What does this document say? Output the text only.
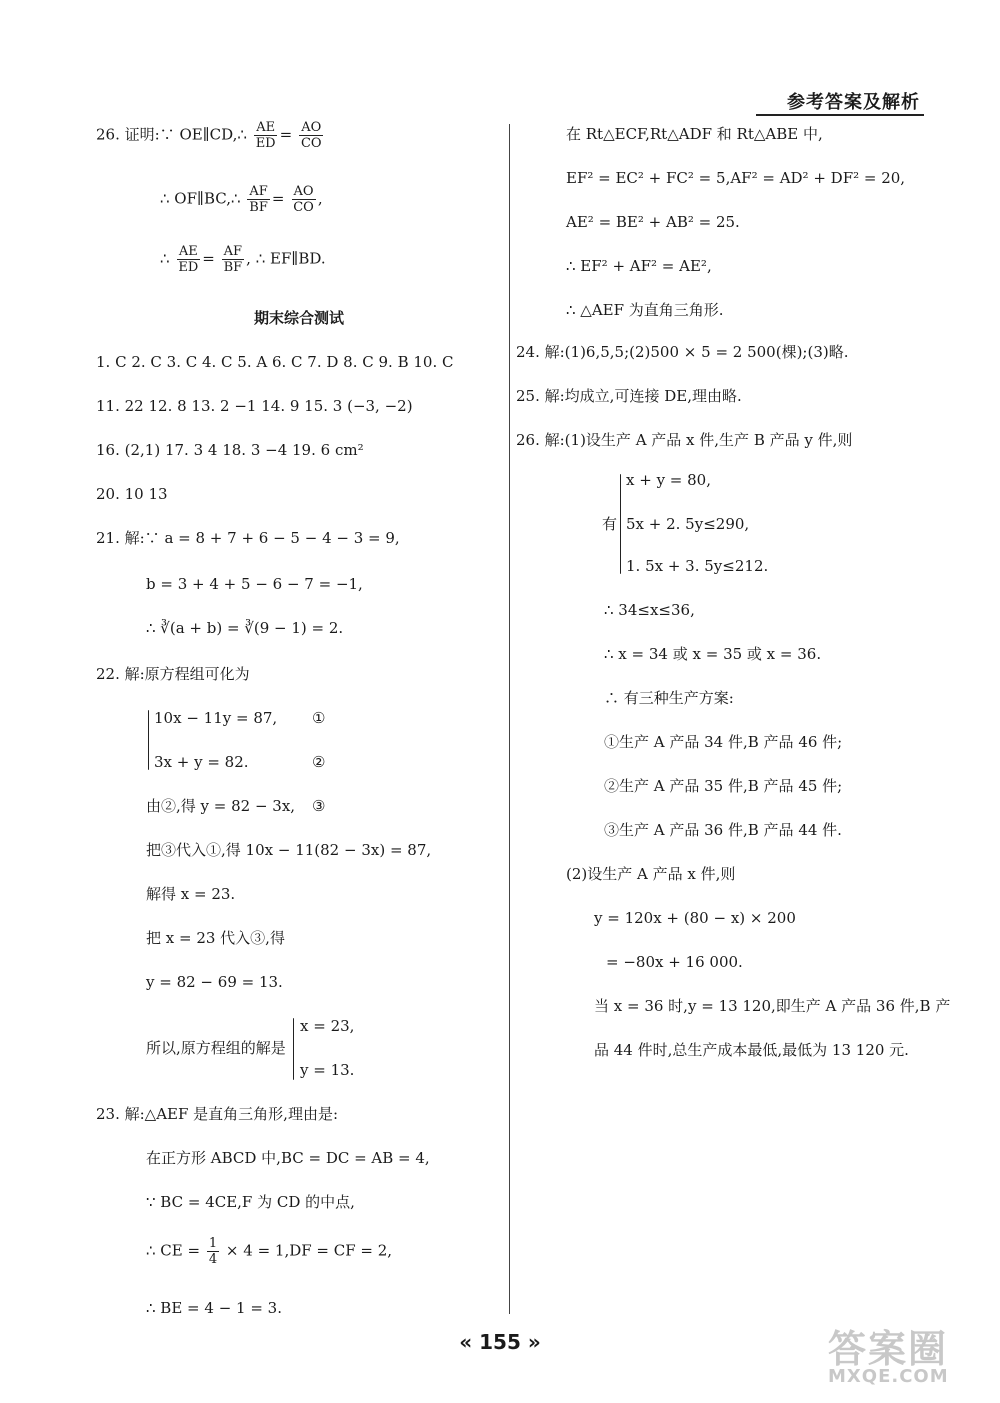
参考答案及解析
26. 证明:∵ OE∥CD,∴ $\frac{AE}{ED} = \frac{AO}{CO}$
∴ OF∥BC,∴ $\frac{AF}{BF} = \frac{AO}{CO}$ ,
∴ $\frac{AE}{ED} = \frac{AF}{BF}$ , ∴ EF∥BD.
期末综合测试
1. C 2. C 3. C 4. C 5. A 6. C 7. D 8. C 9. B 10. C
11. 22 12. 8 13. 2 −1 14. 9 15. 3 (−3, −2)
16. (2,1) 17. 3 4 18. 3 −4 19. 6 cm²
20. 10 13
21. 解:∵ a = 8 + 7 + 6 − 5 − 4 − 3 = 9,
b = 3 + 4 + 5 − 6 − 7 = −1,
∴ ∛(a + b) = ∛(9 − 1) = 2.
22. 解:原方程组可化为
10x − 11y = 87,
3x + y = 82.
①
②
由②,得 y = 82 − 3x, ③
把③代入①,得 10x − 11(82 − 3x) = 87,
解得 x = 23.
把 x = 23 代入③,得
y = 82 − 69 = 13.
所以,原方程组的解是
x = 23,
y = 13.
23. 解:△AEF 是直角三角形,理由是:
在正方形 ABCD 中,BC = DC = AB = 4,
∵ BC = 4CE,F 为 CD 的中点,
∴ CE = $\frac{1}{4} \times 4 = 1,DF$ = CF = 2,
∴ BE = 4 − 1 = 3.
在 Rt△ECF,Rt△ADF 和 Rt△ABE 中,
EF² = EC² + FC² = 5,AF² = AD² + DF² = 20,
AE² = BE² + AB² = 25.
∴ EF² + AF² = AE²,
∴ △AEF 为直角三角形.
24. 解:(1)6,5,5;(2)500 × 5 = 2 500(棵);(3)略.
25. 解:均成立,可连接 DE,理由略.
26. 解:(1)设生产 A 产品 x 件,生产 B 产品 y 件,则
有
x + y = 80,
5x + 2. 5y≤290,
1. 5x + 3. 5y≤212.
∴ 34≤x≤36,
∴ x = 34 或 x = 35 或 x = 36.
∴ 有三种生产方案:
①生产 A 产品 34 件,B 产品 46 件;
②生产 A 产品 35 件,B 产品 45 件;
③生产 A 产品 36 件,B 产品 44 件.
(2)设生产 A 产品 x 件,则
y = 120x + (80 − x) × 200
= −80x + 16 000.
当 x = 36 时,y = 13 120,即生产 A 产品 36 件,B 产
品 44 件时,总生产成本最低,最低为 13 120 元.
« 155 »	答案圈
MXQE.COM
